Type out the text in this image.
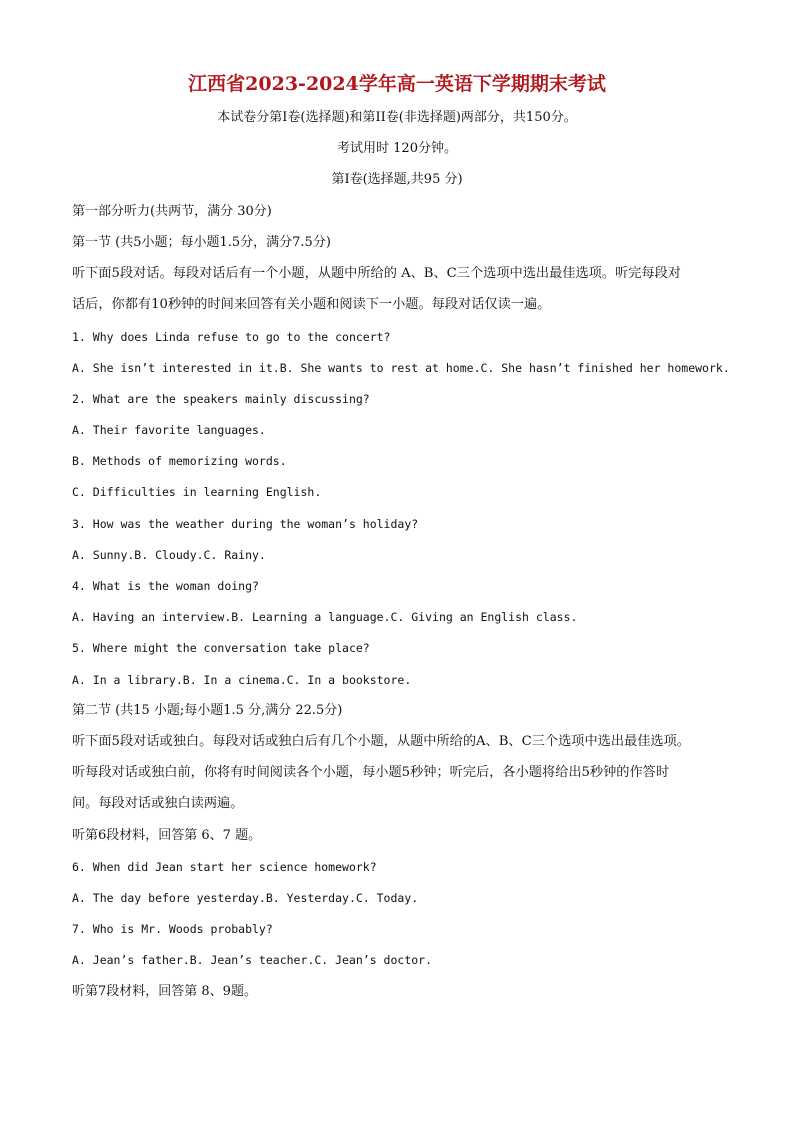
江西省2023-2024学年高一英语下学期期末考试
本试卷分第I卷(选择题)和第II卷(非选择题)两部分，共150分。
考试用时 120分钟。
第I卷(选择题,共95 分)
第一部分听力(共两节，满分 30分)
第一节 (共5小题；每小题1.5分，满分7.5分)
听下面5段对话。每段对话后有一个小题，从题中所给的 A、B、C三个选项中选出最佳选项。听完每段对
话后，你都有10秒钟的时间来回答有关小题和阅读下一小题。每段对话仅读一遍。
1. Why does Linda refuse to go to the concert?
A. She isn’t interested in it.B. She wants to rest at home.C. She hasn’t finished her homework.
2. What are the speakers mainly discussing?
A. Their favorite languages.
B. Methods of memorizing words.
C. Difficulties in learning English.
3. How was the weather during the woman’s holiday?
A. Sunny.B. Cloudy.C. Rainy.
4. What is the woman doing?
A. Having an interview.B. Learning a language.C. Giving an English class.
5. Where might the conversation take place?
A. In a library.B. In a cinema.C. In a bookstore.
第二节 (共15 小题;每小题1.5 分,满分 22.5分)
听下面5段对话或独白。每段对话或独白后有几个小题，从题中所给的A、B、C三个选项中选出最佳选项。
听每段对话或独白前，你将有时间阅读各个小题，每小题5秒钟；听完后，各小题将给出5秒钟的作答时
间。每段对话或独白读两遍。
听第6段材料，回答第 6、7 题。
6. When did Jean start her science homework?
A. The day before yesterday.B. Yesterday.C. Today.
7. Who is Mr. Woods probably?
A. Jean’s father.B. Jean’s teacher.C. Jean’s doctor.
听第7段材料，回答第 8、9题。
